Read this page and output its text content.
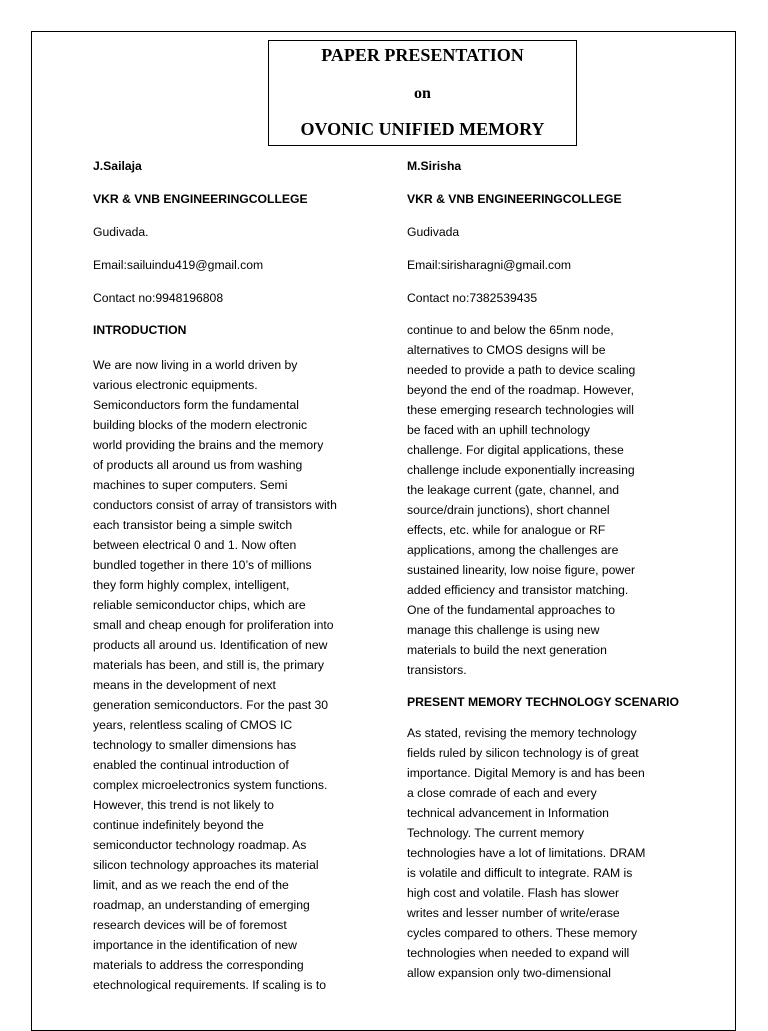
PAPER PRESENTATION
on
OVONIC UNIFIED MEMORY
J.Sailaja
VKR & VNB ENGINEERINGCOLLEGE
Gudivada.
Email:sailuindu419@gmail.com
Contact no:9948196808
M.Sirisha
VKR & VNB ENGINEERINGCOLLEGE
Gudivada
Email:sirisharagni@gmail.com
Contact no:7382539435
INTRODUCTION

We are now living in a world driven by

various electronic equipments.

Semiconductors form the fundamental

building blocks of the modern electronic

world providing the brains and the memory

of products all around us from washing

machines to super computers. Semi

conductors consist of array of transistors with

each transistor being a simple switch

between electrical 0 and 1. Now often

bundled together in there 10’s of millions

they form highly complex, intelligent,

reliable semiconductor chips, which are

small and cheap enough for proliferation into

products all around us. Identification of new

materials has been, and still is, the primary

means in the development of next

generation semiconductors. For the past 30

years, relentless scaling of CMOS IC

technology to smaller dimensions has

enabled the continual introduction of

complex microelectronics system functions.

However, this trend is not likely to

continue indefinitely beyond the

semiconductor technology roadmap. As

silicon technology approaches its material

limit, and as we reach the end of the

roadmap, an understanding of emerging

research devices will be of foremost

importance in the identification of new

materials to address the corresponding

etechnological requirements. If scaling is to

continue to and below the 65nm node,

alternatives to CMOS designs will be

needed to provide a path to device scaling

beyond the end of the roadmap. However,

these emerging research technologies will

be faced with an uphill technology

challenge. For digital applications, these

challenge include exponentially increasing

the leakage current (gate, channel, and

source/drain junctions), short channel

effects, etc. while for analogue or RF

applications, among the challenges are

sustained linearity, low noise figure, power

added efficiency and transistor matching.

One of the fundamental approaches to

manage this challenge is using new

materials to build the next generation

transistors.

PRESENT MEMORY TECHNOLOGY SCENARIO

As stated, revising the memory technology

fields ruled by silicon technology is of great

importance. Digital Memory is and has been

a close comrade of each and every

technical advancement in Information

Technology. The current memory

technologies have a lot of limitations. DRAM

is volatile and difficult to integrate. RAM is

high cost and volatile. Flash has slower

writes and lesser number of write/erase

cycles compared to others. These memory

technologies when needed to expand will

allow expansion only two-dimensional
